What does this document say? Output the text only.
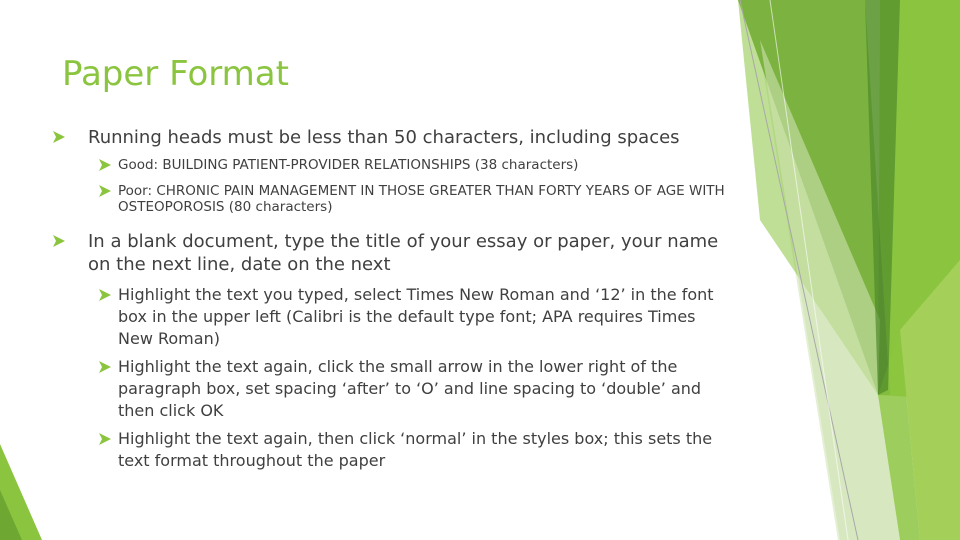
Paper Format
Running heads must be less than 50 characters, including spaces
Good: BUILDING PATIENT-PROVIDER RELATIONSHIPS (38 characters)
Poor: CHRONIC PAIN MANAGEMENT IN THOSE GREATER THAN FORTY YEARS OF AGE WITH OSTEOPOROSIS (80 characters)
In a blank document, type the title of your essay or paper, your name on the next line, date on the next
Highlight the text you typed, select Times New Roman and ‘12’ in the font box in the upper left (Calibri is the default type font; APA requires Times New Roman)
Highlight the text again, click the small arrow in the lower right of the paragraph box, set spacing ‘after’ to ‘O’ and line spacing to ‘double’ and then click OK
Highlight the text again, then click ‘normal’ in the styles box; this sets the text format throughout the paper
